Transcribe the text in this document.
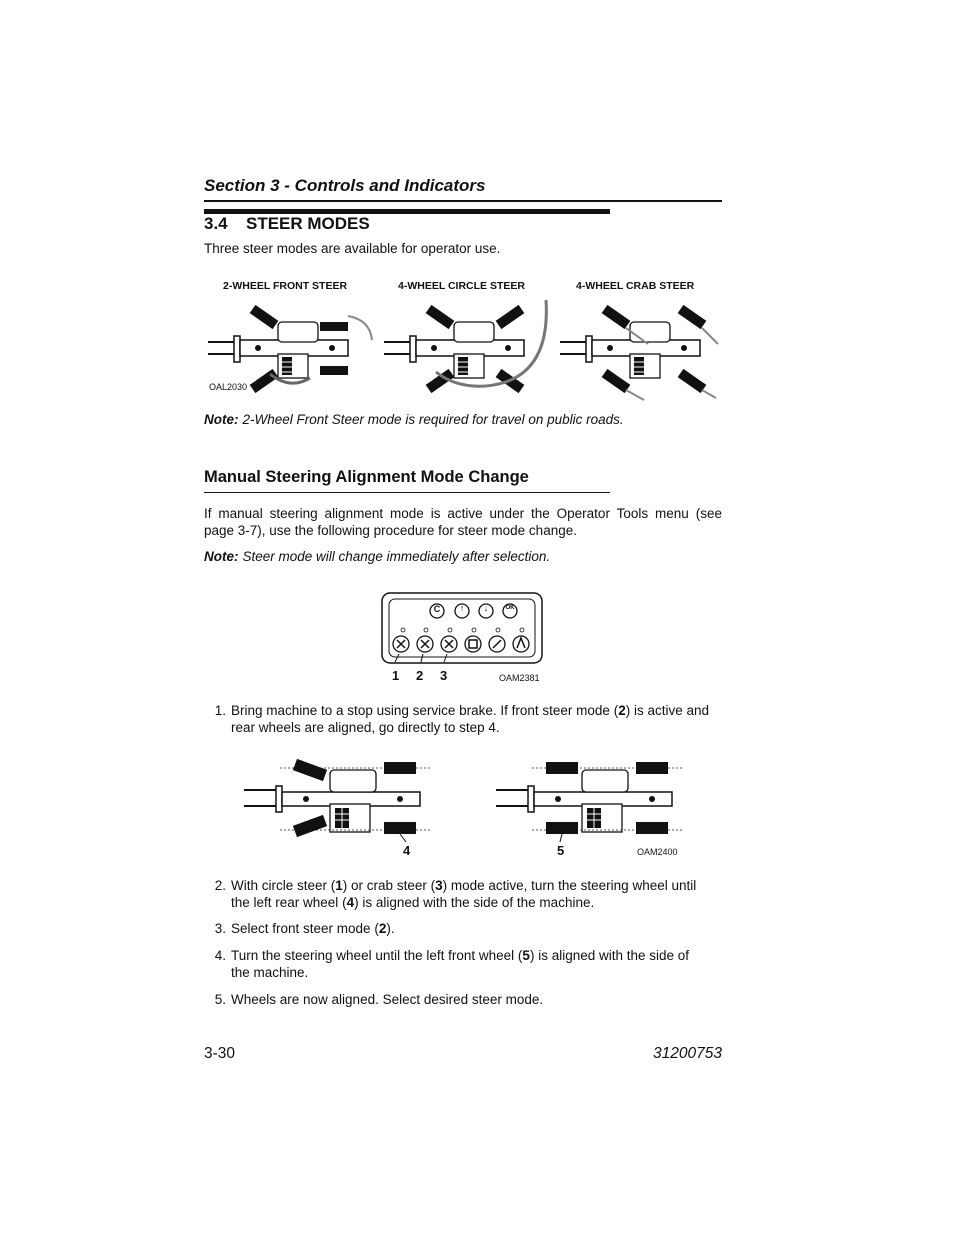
Section 3 - Controls and Indicators
3.4 STEER MODES
Three steer modes are available for operator use.
2-WHEEL FRONT STEER	4-WHEEL CIRCLE STEER	4-WHEEL CRAB STEER
OAL2030
Note: 2-Wheel Front Steer mode is required for travel on public roads.
Manual Steering Alignment Mode Change
If manual steering alignment mode is active under the Operator Tools menu (see
page 3-7), use the following procedure for steer mode change.
Note: Steer mode will change immediately after selection.
C	↑	↓	OK
1 2 3	OAM2381
1. Bring machine to a stop using service brake. If front steer mode (2) is active and
rear wheels are aligned, go directly to step 4.
4	5	OAM2400
2. With circle steer (1) or crab steer (3) mode active, turn the steering wheel until
the left rear wheel (4) is aligned with the side of the machine.
3. Select front steer mode (2).
4. Turn the steering wheel until the left front wheel (5) is aligned with the side of
the machine.
5. Wheels are now aligned. Select desired steer mode.
3-30	31200753
